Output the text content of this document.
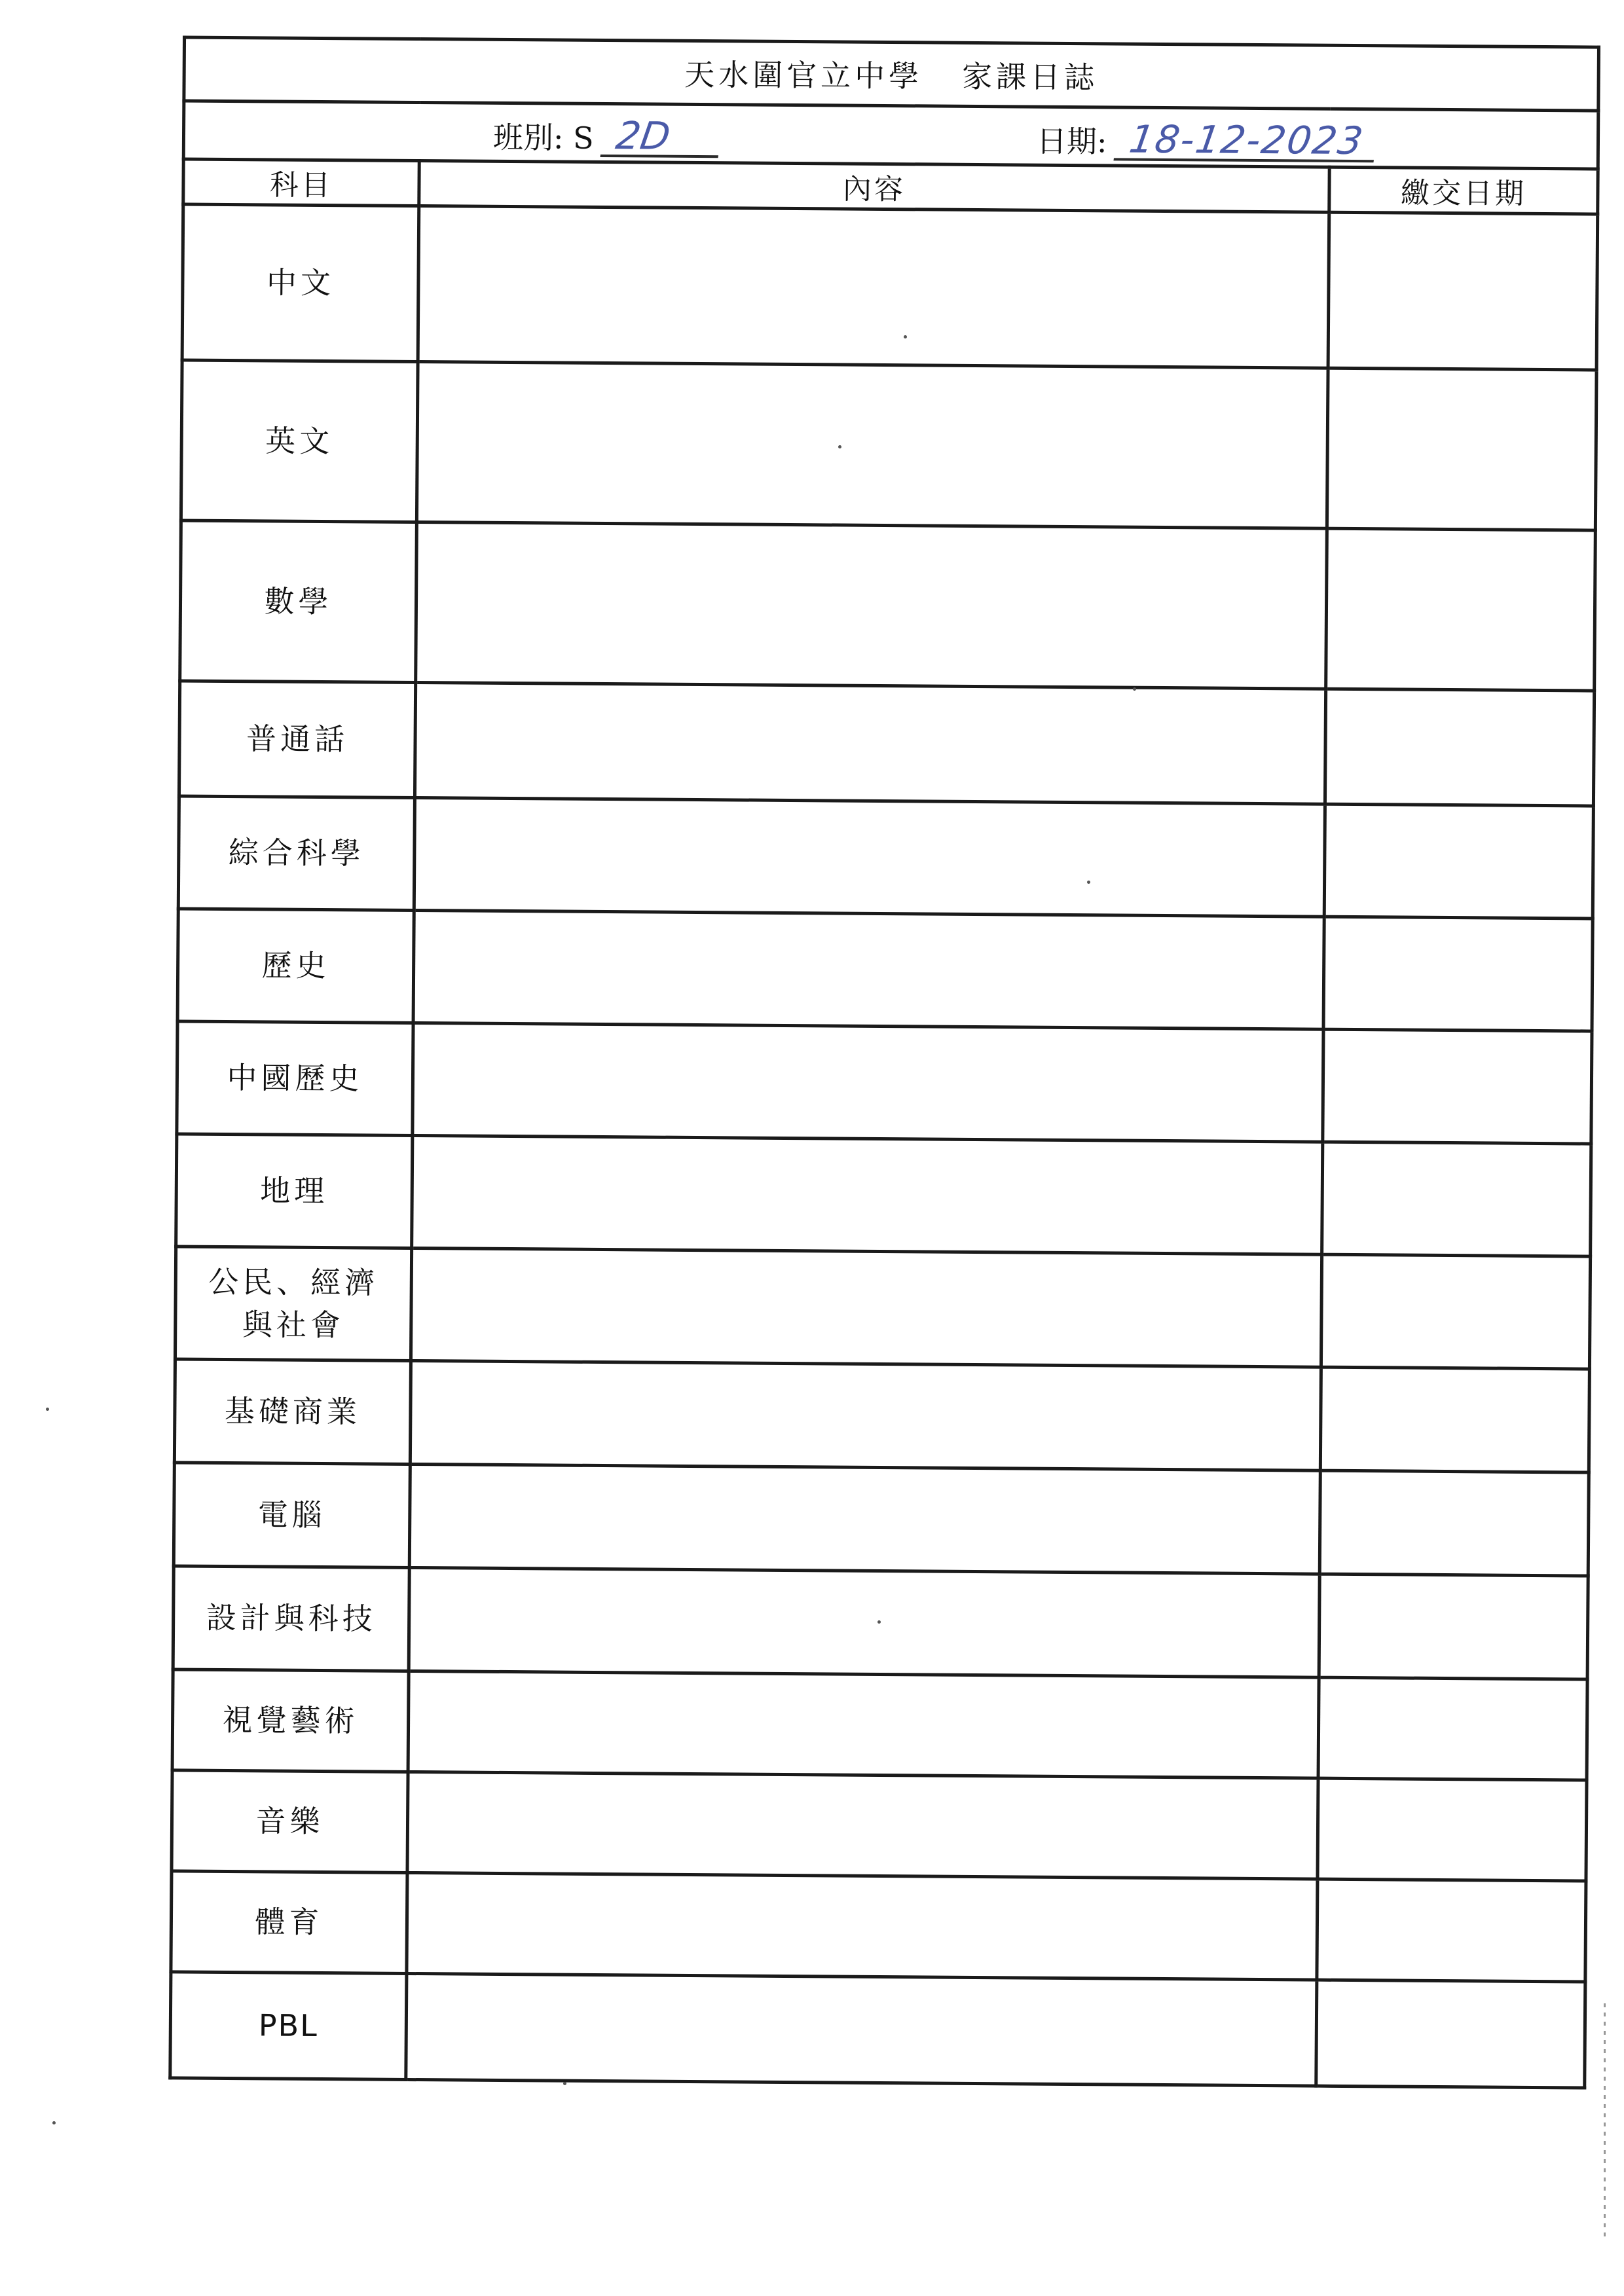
天水圍官立中學 家課日誌		

班別: S 2D 日期: 18-12-2023		

科目	內容	繳交日期
中文		
英文		
數學		
普通話		
綜合科學		
歷史		
中國歷史		
地理		
公民、經濟
與社會		
基礎商業		
電腦		
設計與科技		
視覺藝術		
音樂		
體育		
PBL		
